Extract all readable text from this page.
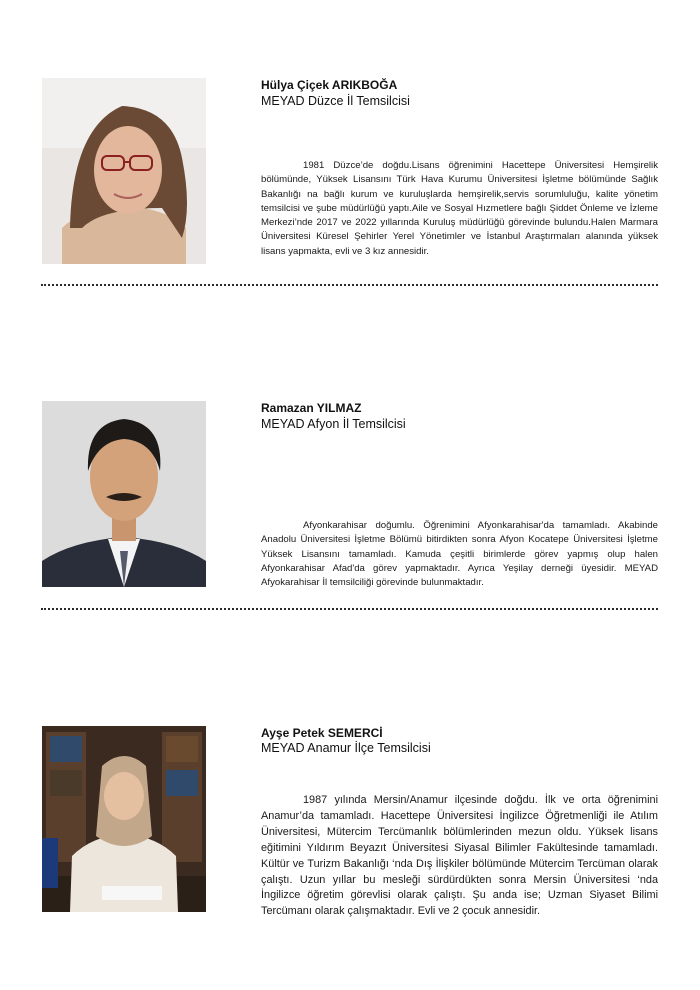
Hülya Çiçek ARIKBOĞA
MEYAD Düzce İl Temsilcisi

1981 Düzce’de doğdu.Lisans öğrenimini Hacettepe Üniversitesi Hemşirelik bölümünde, Yüksek Lisansını Türk Hava Kurumu Üniversitesi İşletme bölümünde Sağlık Bakanlığı na bağlı kurum ve kuruluşlarda hemşirelik,servis sorumluluğu, kalite yönetim temsilcisi ve şube müdürlüğü yaptı.Aile ve Sosyal Hızmetlere bağlı Şiddet Önleme ve İzleme Merkezi’nde 2017 ve 2022 yıllarında Kuruluş müdürlüğü görevinde bulundu.Halen Marmara Üniversitesi Küresel Şehirler Yerel Yönetimler ve İstanbul Araştırmaları alanında yüksek lisans yapmakta, evli ve 3 kız annesidir.

Ramazan YILMAZ
MEYAD Afyon İl Temsilcisi

Afyonkarahisar doğumlu. Öğrenimini Afyonkarahisar'da tamamladı. Akabinde Anadolu Üniversitesi İşletme Bölümü bitirdikten sonra Afyon Kocatepe Üniversitesi İşletme Yüksek Lisansını tamamladı. Kamuda çeşitli birimlerde görev yapmış olup halen Afyonkarahisar Afad'da görev yapmaktadır. Ayrıca Yeşilay derneği üyesidir. MEYAD Afyokarahisar İl temsilciliği görevinde bulunmaktadır.

Ayşe Petek SEMERCİ
MEYAD Anamur İlçe Temsilcisi

1987 yılında Mersin/Anamur ilçesinde doğdu. İlk ve orta öğrenimini Anamur’da tamamladı. Hacettepe Üniversitesi İngilizce Öğretmenliği ile Atılım Üniversitesi, Mütercim Tercümanlık bölümlerinden mezun oldu. Yüksek lisans eğitimini Yıldırım Beyazıt Üniversitesi Siyasal Bilimler Fakültesinde tamamladı. Kültür ve Turizm Bakanlığı ‘nda Dış İlişkiler bölümünde Mütercim Tercüman olarak çalıştı. Uzun yıllar bu mesleği sürdürdükten sonra Mersin Üniversitesi ‘nda İngilizce öğretim görevlisi olarak çalıştı. Şu anda ise; Uzman Siyaset Bilimi Tercümanı olarak çalışmaktadır. Evli ve 2 çocuk annesidir.
